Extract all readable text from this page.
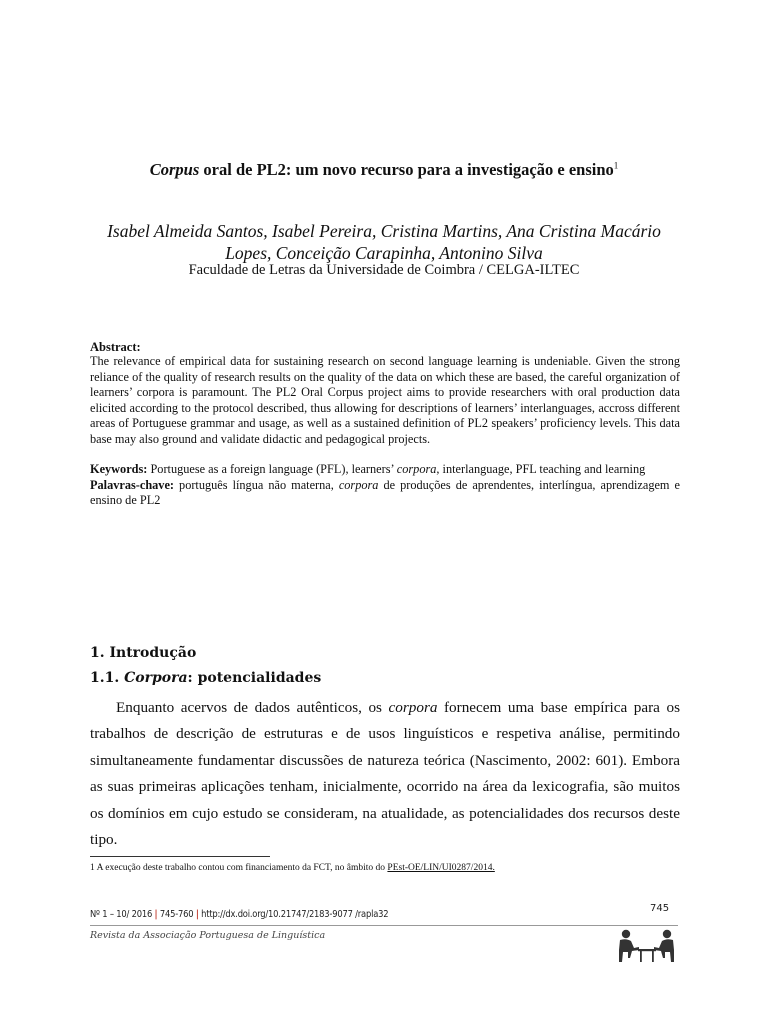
Corpus oral de PL2: um novo recurso para a investigação e ensino$^1$
Isabel Almeida Santos, Isabel Pereira, Cristina Martins, Ana Cristina Macário
Lopes, Conceição Carapinha, Antonino Silva
Faculdade de Letras da Universidade de Coimbra / CELGA-ILTEC
Abstract:
The relevance of empirical data for sustaining research on second language learning is undeniable. Given the strong reliance of the quality of research results on the quality of the data on which these are based, the careful organization of learners’ corpora is paramount. The PL2 Oral Corpus project aims to provide researchers with oral production data elicited according to the protocol described, thus allowing for descriptions of learners’ interlanguages, accross different areas of Portuguese grammar and usage, as well as a sustained definition of PL2 speakers’ proficiency levels. This data base may also ground and validate didactic and pedagogical projects.
Keywords: Portuguese as a foreign language (PFL), learners’ corpora, interlanguage, PFL teaching and learning
Palavras-chave: português língua não materna, corpora de produções de aprendentes, interlíngua, aprendizagem e ensino de PL2
1. Introdução
1.1. Corpora: potencialidades

Enquanto acervos de dados autênticos, os corpora fornecem uma base empírica para os trabalhos de descrição de estruturas e de usos linguísticos e respetiva análise, permitindo simultaneamente fundamentar discussões de natureza teórica (Nascimento, 2002: 601). Embora as suas primeiras aplicações tenham, inicialmente, ocorrido na área da lexicografia, são muitos os domínios em cujo estudo se consideram, na atualidade, as potencialidades dos recursos deste tipo.

1 A execução deste trabalho contou com financiamento da FCT, no âmbito do PEst-OE/LIN/UI0287/2014.
745
Nº 1 – 10/ 2016 | 745-760 | http://dx.doi.org/10.21747/2183-9077 /rapla32
Revista da Associação Portuguesa de Linguística
